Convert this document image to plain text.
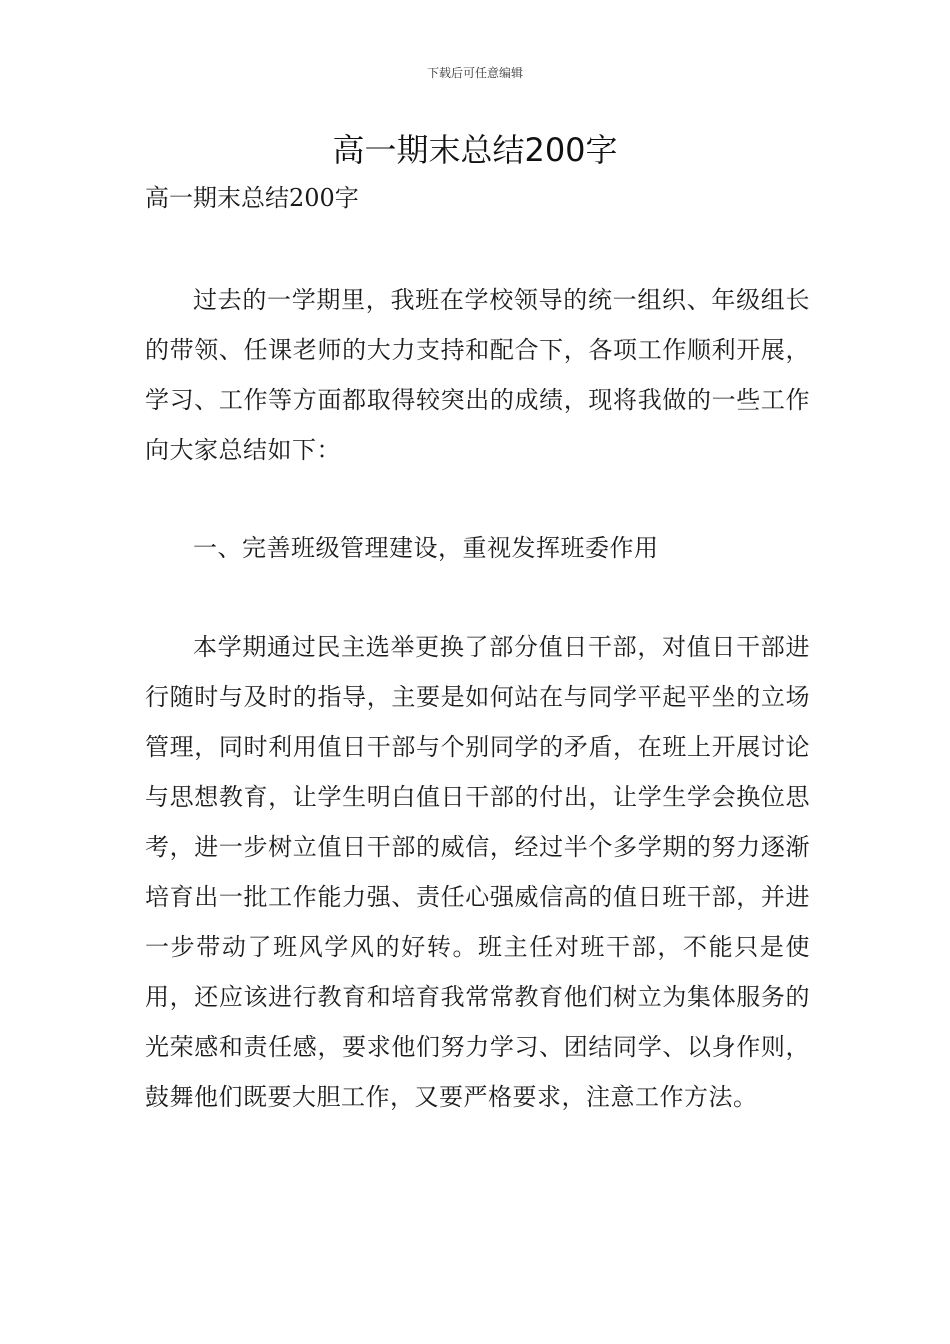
下载后可任意编辑
高一期末总结200字
高一期末总结200字

过去的一学期里，我班在学校领导的统一组织、年级组长的带领、任课老师的大力支持和配合下，各项工作顺利开展，学习、工作等方面都取得较突出的成绩，现将我做的一些工作向大家总结如下：

一、完善班级管理建设，重视发挥班委作用

本学期通过民主选举更换了部分值日干部，对值日干部进行随时与及时的指导，主要是如何站在与同学平起平坐的立场管理，同时利用值日干部与个别同学的矛盾，在班上开展讨论与思想教育，让学生明白值日干部的付出，让学生学会换位思考，进一步树立值日干部的威信，经过半个多学期的努力逐渐培育出一批工作能力强、责任心强威信高的值日班干部，并进一步带动了班风学风的好转。班主任对班干部，不能只是使用，还应该进行教育和培育我常常教育他们树立为集体服务的光荣感和责任感，要求他们努力学习、团结同学、以身作则，鼓舞他们既要大胆工作，又要严格要求，注意工作方法。
